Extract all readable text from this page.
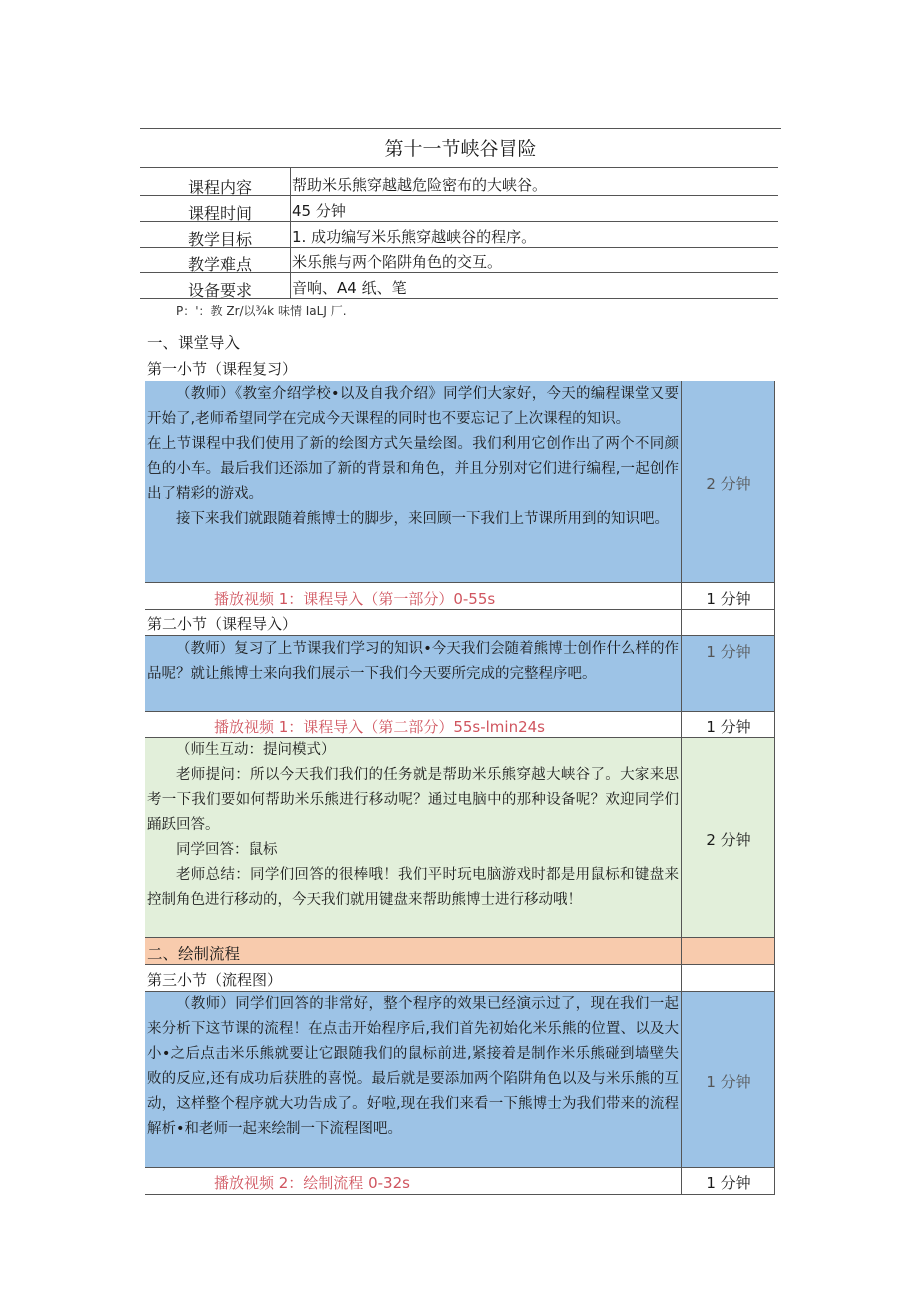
第十一节峡谷冒险
课程内容	帮助米乐熊穿越越危险密布的大峡谷。
课程时间	45 分钟
教学目标	1. 成功编写米乐熊穿越峡谷的程序。
教学难点	米乐熊与两个陷阱角色的交互。
设备要求	音响、A4 纸、笔
P：'：教 Zr/以¾k 味情 IaLJ 厂.
一、课堂导入
第一小节（课程复习）

（教师）《教室介绍学校•以及自我介绍》同学们大家好，今天的编程课堂又要开始了,老师希望同学在完成今天课程的同时也不要忘记了上次课程的知识。

在上节课程中我们使用了新的绘图方式矢量绘图。我们利用它创作出了两个不同颜色的小车。最后我们还添加了新的背景和角色，并且分别对它们进行编程,一起创作出了精彩的游戏。

接下来我们就跟随着熊博士的脚步，来回顾一下我们上节课所用到的知识吧。

2 分钟
播放视频 1：课程导入（第一部分）0-55s	1 分钟
第二小节（课程导入）

（教师）复习了上节课我们学习的知识•今天我们会随着熊博士创作什么样的作品呢？就让熊博士来向我们展示一下我们今天要所完成的完整程序吧。

1 分钟
播放视频 1：课程导入（第二部分）55s-lmin24s	1 分钟

（师生互动：提问模式）

老师提问：所以今天我们我们的任务就是帮助米乐熊穿越大峡谷了。大家来思考一下我们要如何帮助米乐熊进行移动呢？通过电脑中的那种设备呢？欢迎同学们踊跃回答。

同学回答：鼠标

老师总结：同学们回答的很棒哦！我们平时玩电脑游戏时都是用鼠标和键盘来控制角色进行移动的，今天我们就用键盘来帮助熊博士进行移动哦！

2 分钟
二、绘制流程
第三小节（流程图）

（教师）同学们回答的非常好，整个程序的效果已经演示过了，现在我们一起来分析下这节课的流程！在点击开始程序后,我们首先初始化米乐熊的位置、以及大小•之后点击米乐熊就要让它跟随我们的鼠标前进,紧接着是制作米乐熊碰到墙壁失败的反应,还有成功后获胜的喜悦。最后就是要添加两个陷阱角色以及与米乐熊的互动，这样整个程序就大功告成了。好啦,现在我们来看一下熊博士为我们带来的流程解析•和老师一起来绘制一下流程图吧。

1 分钟
播放视频 2：绘制流程 0-32s	1 分钟
